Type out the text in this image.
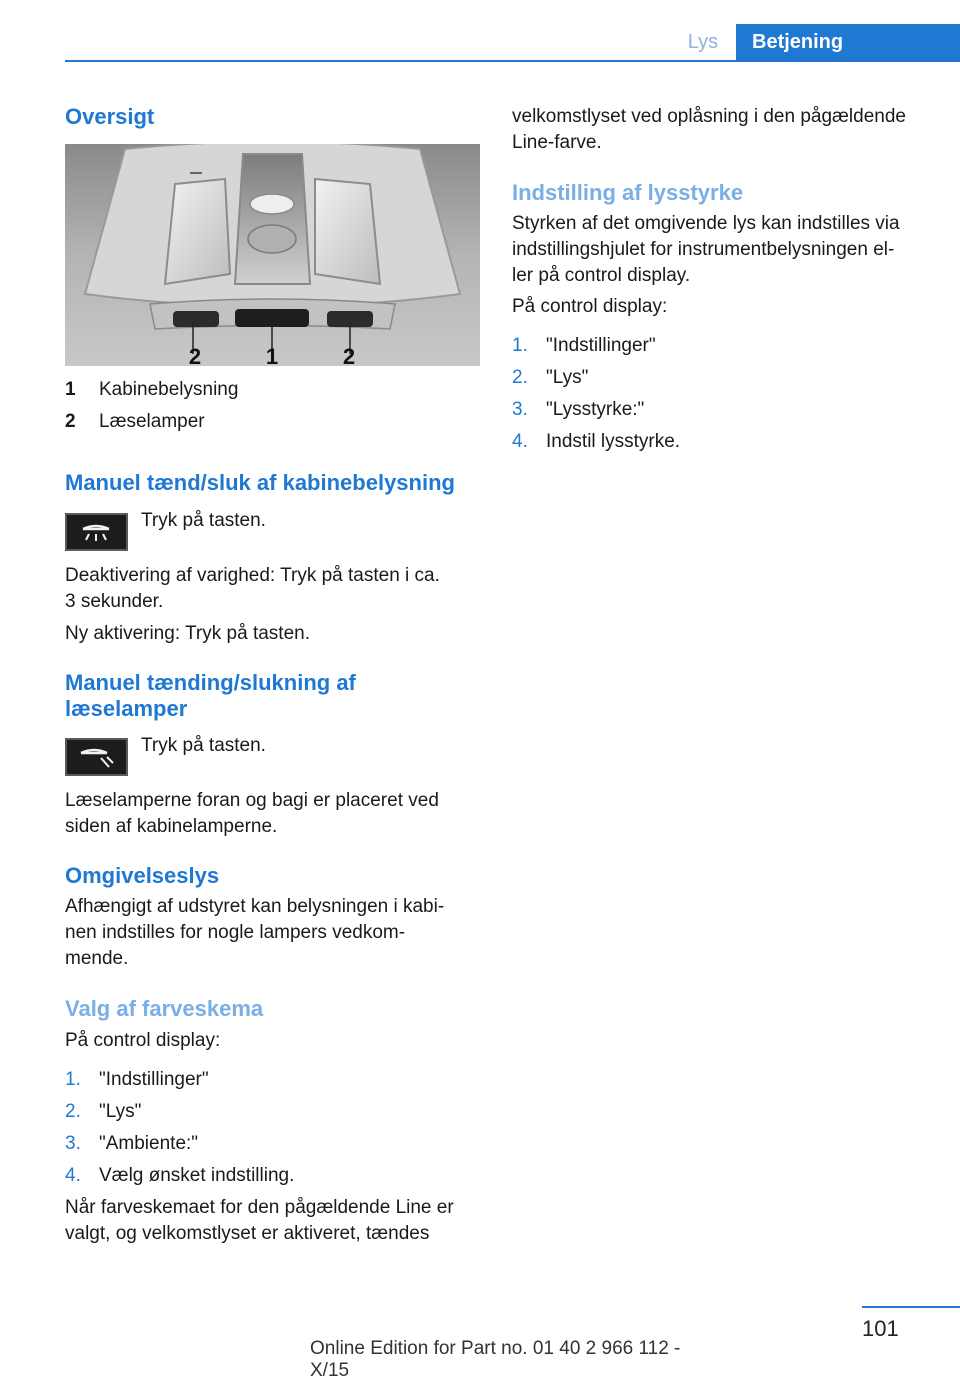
Lys	Betjening
Oversigt
2	1	2
1 Kabinebelysning
2 Læselamper
Manuel tænd/sluk af kabinebelysning
Tryk på tasten.
Deaktivering af varighed: Tryk på tasten i ca.
3 sekunder.
Ny aktivering: Tryk på tasten.
Manuel tænding/slukning af
læselamper
Tryk på tasten.
Læselamperne foran og bagi er placeret ved
siden af kabinelamperne.
Omgivelseslys
Afhængigt af udstyret kan belysningen i kabi‐
nen indstilles for nogle lampers vedkom‐
mende.
Valg af farveskema
På control display:
1. "Indstillinger"
2. "Lys"
3. "Ambiente:"
4. Vælg ønsket indstilling.
Når farveskemaet for den pågældende Line er
valgt, og velkomstlyset er aktiveret, tændes
velkomstlyset ved oplåsning i den pågældende
Line-farve.
Indstilling af lysstyrke
Styrken af det omgivende lys kan indstilles via
indstillingshjulet for instrumentbelysningen el‐
ler på control display.
På control display:
1. "Indstillinger"
2. "Lys"
3. "Lysstyrke:"
4. Indstil lysstyrke.
101
Online Edition for Part no. 01 40 2 966 112 - X/15
